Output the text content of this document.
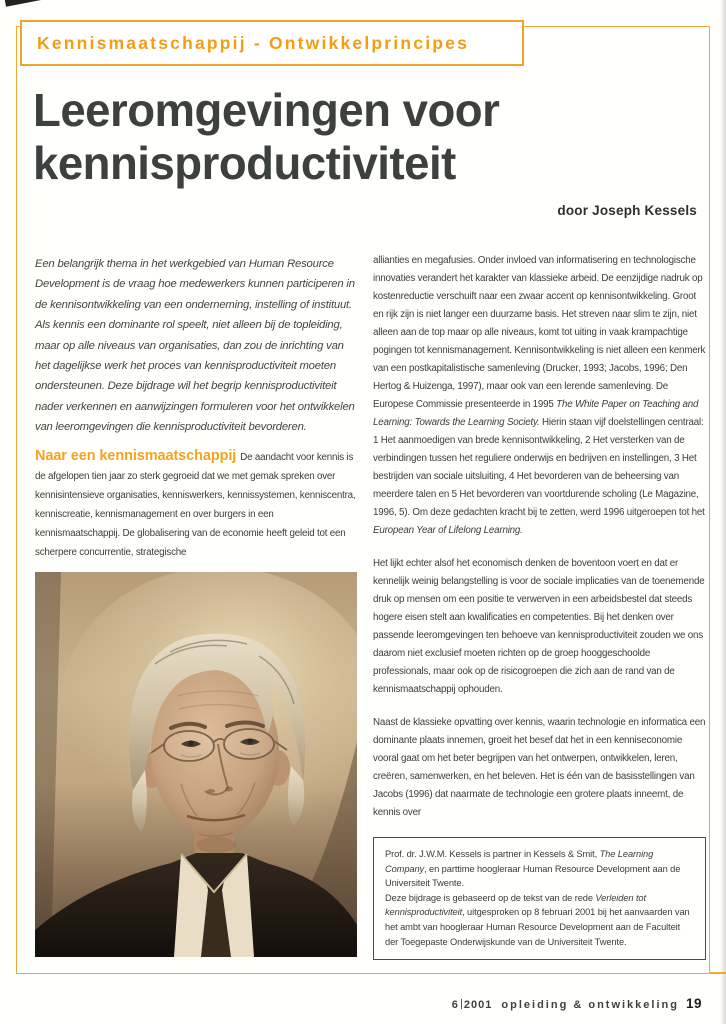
Kennismaatschappij - Ontwikkelprincipes
Leeromgevingen voor
kennisproductiviteit
door Joseph Kessels

Een belangrijk thema in het werkgebied van Human Resource Development is de vraag hoe medewerkers kunnen participeren in de kennisontwikkeling van een onderneming, instelling of instituut. Als kennis een dominante rol speelt, niet alleen bij de topleiding, maar op alle niveaus van organisaties, dan zou de inrichting van het dagelijkse werk het proces van kennisproductiviteit moeten ondersteunen. Deze bijdrage wil het begrip kennisproductiviteit nader verkennen en aanwijzingen formuleren voor het ontwikkelen van leeromgevingen die kennisproductiviteit bevorderen.

Naar een kennismaatschappij De aandacht voor kennis is de afgelopen tien jaar zo sterk gegroeid dat we met gemak spreken over kennisintensieve organisaties, kenniswerkers, kennissystemen, kenniscentra, kenniscreatie, kennismanagement en over burgers in een kennismaatschappij. De globalisering van de economie heeft geleid tot een scherpere concurrentie, strategische

allianties en megafusies. Onder invloed van informatisering en technologische innovaties verandert het karakter van klassieke arbeid. De eenzijdige nadruk op kostenreductie verschuift naar een zwaar accent op kennisontwikkeling. Groot en rijk zijn is niet langer een duurzame basis. Het streven naar slim te zijn, niet alleen aan de top maar op alle niveaus, komt tot uiting in vaak krampachtige pogingen tot kennismanagement. Kennisontwikkeling is niet alleen een kenmerk van een postkapitalistische samenleving (Drucker, 1993; Jacobs, 1996; Den Hertog & Huizenga, 1997), maar ook van een lerende samenleving. De Europese Commissie presenteerde in 1995 The White Paper on Teaching and Learning: Towards the Learning Society. Hierin staan vijf doelstellingen centraal: 1 Het aanmoedigen van brede kennisontwikkeling, 2 Het versterken van de verbindingen tussen het reguliere onderwijs en bedrijven en instellingen, 3 Het bestrijden van sociale uitsluiting, 4 Het bevorderen van de beheersing van meerdere talen en 5 Het bevorderen van voortdurende scholing (Le Magazine, 1996, 5). Om deze gedachten kracht bij te zetten, werd 1996 uitgeroepen tot het European Year of Lifelong Learning.

Het lijkt echter alsof het economisch denken de boventoon voert en dat er kennelijk weinig belangstelling is voor de sociale implicaties van de toenemende druk op mensen om een positie te verwerven in een arbeidsbestel dat steeds hogere eisen stelt aan kwalificaties en competenties. Bij het denken over passende leeromgevingen ten behoeve van kennisproductiviteit zouden we ons daarom niet exclusief moeten richten op de groep hooggeschoolde professionals, maar ook op de risicogroepen die zich aan de rand van de kennismaatschappij ophouden.

Naast de klassieke opvatting over kennis, waarin technologie en informatica een dominante plaats innemen, groeit het besef dat het in een kenniseconomie vooral gaat om het beter begrijpen van het ontwerpen, ontwikkelen, leren, creëren, samenwerken, en het beleven. Het is één van de basisstellingen van Jacobs (1996) dat naarmate de technologie een grotere plaats inneemt, de kennis over

Prof. dr. J.W.M. Kessels is partner in Kessels & Smit, The Learning Company, en parttime hoogleraar Human Resource Development aan de Universiteit Twente.
Deze bijdrage is gebaseerd op de tekst van de rede Verleiden tot kennisproductiviteit, uitgesproken op 8 februari 2001 bij het aanvaarden van het ambt van hoogleraar Human Resource Development aan de Faculteit der Toegepaste Onderwijskunde van de Universiteit Twente.
6 2001 opleiding & ontwikkeling 19
